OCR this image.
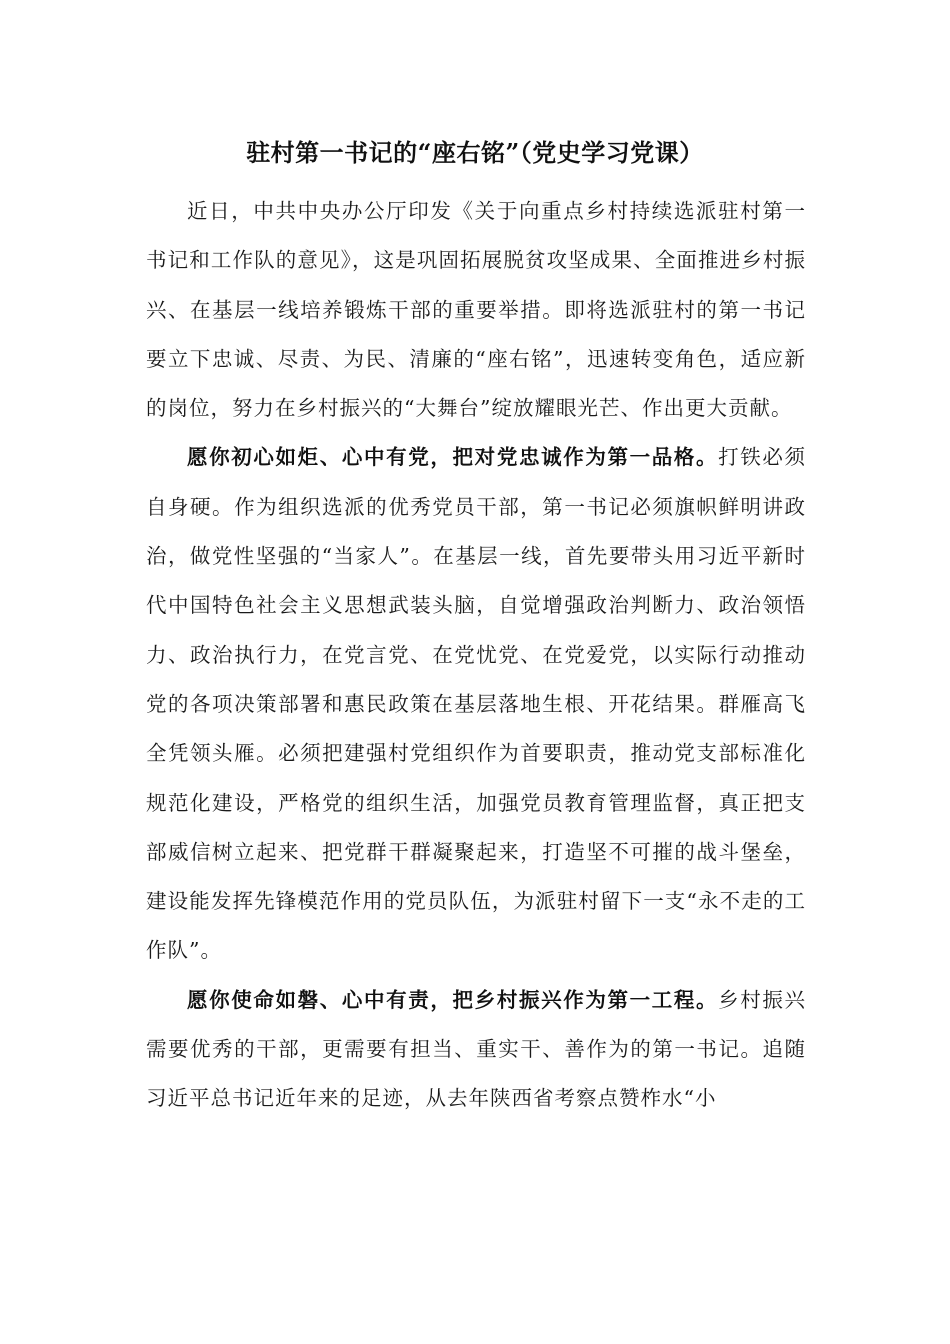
驻村第一书记的“座右铭”（党史学习党课）

近日，中共中央办公厅印发《关于向重点乡村持续选派驻村第一书记和工作队的意见》，这是巩固拓展脱贫攻坚成果、全面推进乡村振兴、在基层一线培养锻炼干部的重要举措。即将选派驻村的第一书记要立下忠诚、尽责、为民、清廉的“座右铭”，迅速转变角色，适应新的岗位，努力在乡村振兴的“大舞台”绽放耀眼光芒、作出更大贡献。

愿你初心如炬、心中有党，把对党忠诚作为第一品格。打铁必须自身硬。作为组织选派的优秀党员干部，第一书记必须旗帜鲜明讲政治，做党性坚强的“当家人”。在基层一线，首先要带头用习近平新时代中国特色社会主义思想武装头脑，自觉增强政治判断力、政治领悟力、政治执行力，在党言党、在党忧党、在党爱党，以实际行动推动党的各项决策部署和惠民政策在基层落地生根、开花结果。群雁高飞全凭领头雁。必须把建强村党组织作为首要职责，推动党支部标准化规范化建设，严格党的组织生活，加强党员教育管理监督，真正把支部威信树立起来、把党群干群凝聚起来，打造坚不可摧的战斗堡垒，建设能发挥先锋模范作用的党员队伍，为派驻村留下一支“永不走的工作队”。

愿你使命如磐、心中有责，把乡村振兴作为第一工程。乡村振兴需要优秀的干部，更需要有担当、重实干、善作为的第一书记。追随习近平总书记近年来的足迹，从去年陕西省考察点赞柞水“小
